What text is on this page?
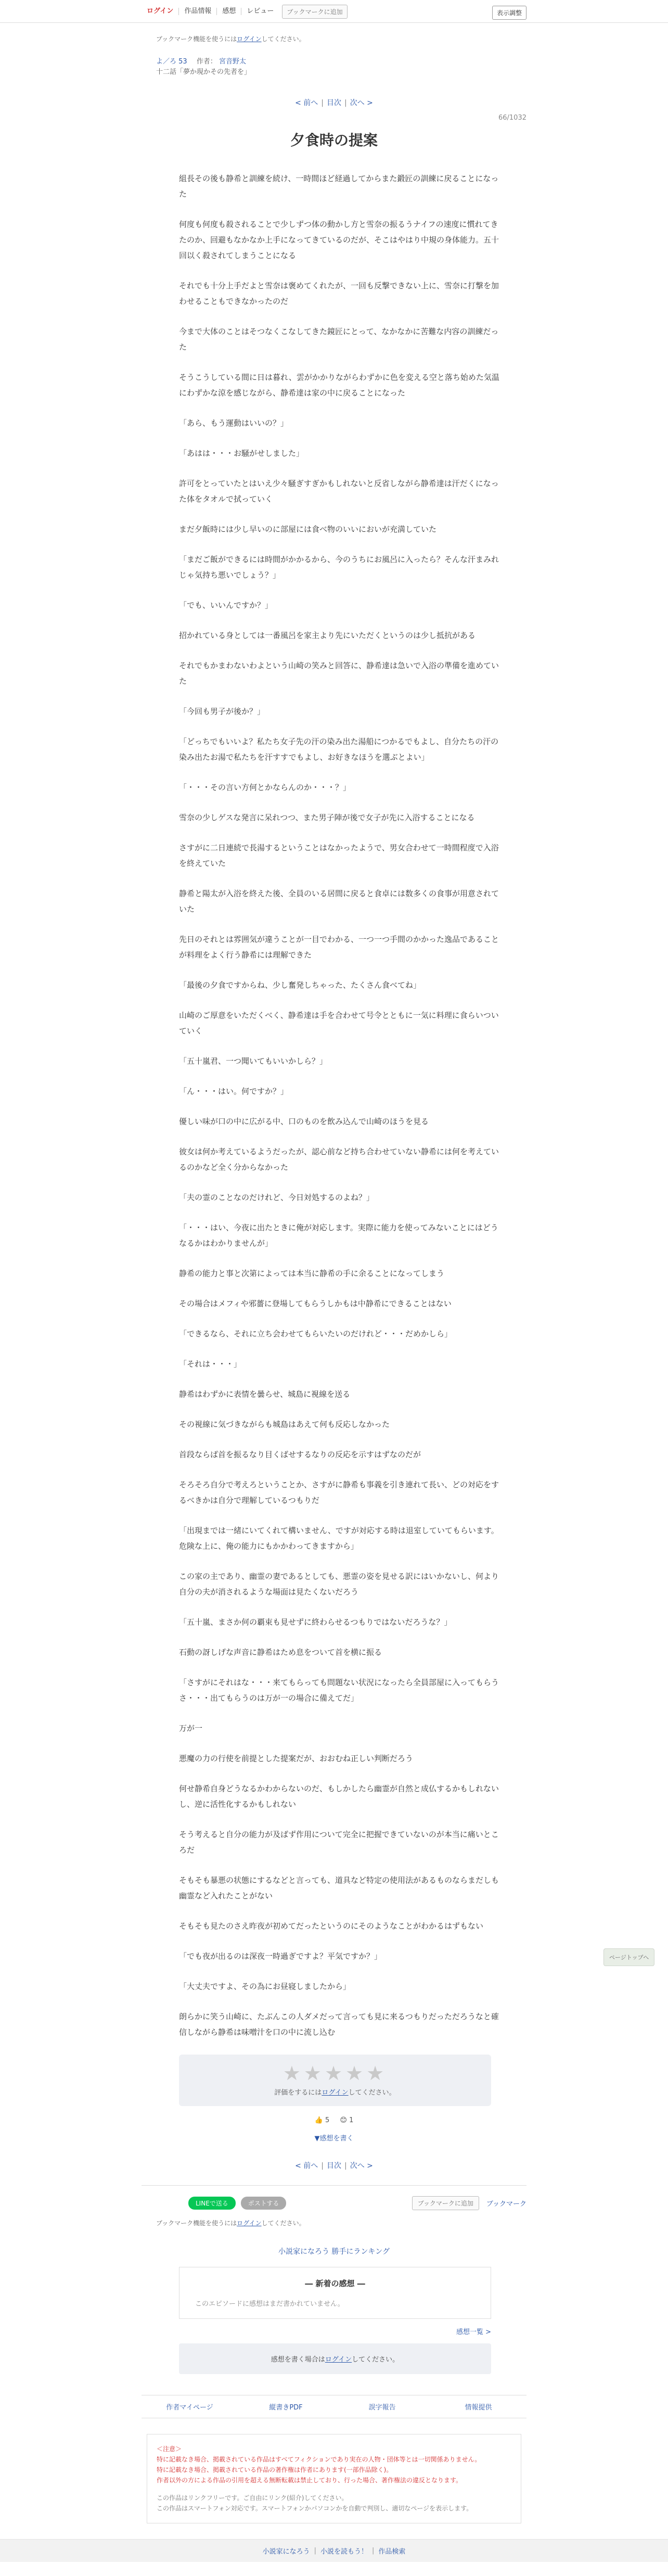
ログイン	作品情報	感想	レビュー	ブックマークに追加	表示調整
ブックマーク機能を使うにはログインしてください。
よ／ろ 53 作者： 宮音野太
十二話「夢か現かその先者を」
< 前へ | 目次 | 次へ >
66/1032
夕食時の提案

組長その後も静希と訓練を続け、一時間ほど経過してからまた鍛匠の訓練に戻ることになった

何度も何度も殺されることで少しずつ体の動かし方と雪奈の振るうナイフの速度に慣れてきたのか、回避もなかなか上手になってきているのだが、そこはやはり中規の身体能力。五十回以く殺されてしまうことになる

それでも十分上手だよと雪奈は褒めてくれたが、一回も反撃できない上に、雪奈に打撃を加わせることもできなかったのだ

今まで大体のことはそつなくこなしてきた鏡匠にとって、なかなかに苦難な内容の訓練だった

そうこうしている間に日は暮れ、雲がかかりながらわずかに色を変える空と落ち始めた気温にわずかな涼を感じながら、静希達は家の中に戻ることになった

「あら、もう運動はいいの？」

「あはは・・・お騒がせしました」

許可をとっていたとはいえ少々騒ぎすぎかもしれないと反省しながら静希達は汗だくになった体をタオルで拭っていく

まだ夕飯時には少し早いのに部屋には食べ物のいいにおいが充満していた

「まだご飯ができるには時間がかかるから、今のうちにお風呂に入ったら？そんな汗まみれじゃ気持ち悪いでしょう？」

「でも、いいんですか？」

招かれている身としては一番風呂を家主より先にいただくというのは少し抵抗がある

それでもかまわないわよという山崎の笑みと回答に、静希達は急いで入浴の準備を進めていた

「今回も男子が後か？」

「どっちでもいいよ？私たち女子先の汗の染み出た湯船につかるでもよし、自分たちの汗の染み出たお湯で私たちを汗すすでもよし、お好きなほうを選ぶとよい」

「・・・その言い方何とかならんのか・・・？」

雪奈の少しゲスな発言に呆れつつ、また男子陣が後で女子が先に入浴することになる

さすがに二日連続で長湯するということはなかったようで、男女合わせて一時間程度で入浴を終えていた

静希と陽太が入浴を終えた後、全員のいる居間に戻ると食卓には数多くの食事が用意されていた

先日のそれとは雰囲気が違うことが一目でわかる、一つ一つ手間のかかった逸品であることが料理をよく行う静希には理解できた

「最後の夕食ですからね、少し奮発しちゃった、たくさん食べてね」

山崎のご厚意をいただくべく、静希達は手を合わせて号令とともに一気に料理に食らいついていく

「五十嵐君、一つ聞いてもいいかしら？」

「ん・・・はい。何ですか？」

優しい味が口の中に広がる中、口のものを飲み込んで山崎のほうを見る

彼女は何か考えているようだったが、認心前など持ち合わせていない静希には何を考えているのかなど全く分からなかった

「夫の霊のことなのだけれど、今日対処するのよね？」

「・・・はい、今夜に出たときに俺が対応します。実際に能力を使ってみないことにはどうなるかはわかりませんが」

静希の能力と事と次第によっては本当に静希の手に余ることになってしまう

その場合はメフィや邪薔に登場してもらうしかもは中静希にできることはない

「できるなら、それに立ち会わせてもらいたいのだけれど・・・だめかしら」

「それは・・・」

静希はわずかに表情を曇らせ、城島に視線を送る

その視線に気づきながらも城島はあえて何も反応しなかった

首段ならば首を振るなり目くばせするなりの反応を示すはずなのだが

そろそろ自分で考えろということか、さすがに静希も事義を引き連れて長い、どの対応をするべきかは自分で理解しているつもりだ

「出現までは一緒にいてくれて構いません、ですが対応する時は退室していてもらいます。危険な上に、俺の能力にもかかわってきますから」

この家の主であり、幽霊の妻であるとしても、悪霊の姿を見せる訳にはいかないし、何より自分の夫が消されるような場面は見たくないだろう

「五十嵐、まさか何の覇束も見せずに終わらせるつもりではないだろうな？」

石動の訝しげな声音に静希はため息をついて首を横に振る

「さすがにそれはな・・・来てもらっても問題ない状況になったら全員部屋に入ってもらうさ・・・出てもらうのは万が一の場合に備えてだ」

万が一

悪魔の力の行使を前提とした提案だが、おおむね正しい判断だろう

何せ静希自身どうなるかわからないのだ、もしかしたら幽霊が自然と成仏するかもしれないし、逆に活性化するかもしれない

そう考えると自分の能力が及ばず作用について完全に把握できていないのが本当に痛いところだ

そもそも暴悪の状態にするなどと言っても、道具など特定の使用法があるものならまだしも幽霊など入れたことがない

そもそも見たのさえ昨夜が初めてだったというのにそのようなことがわかるはずもない

「でも夜が出るのは深夜一時過ぎですよ？平気ですか？」

「大丈夫ですよ、その為にお昼寝しましたから」

朗らかに笑う山崎に、たぶんこの人ダメだって言っても見に来るつもりだっただろうなと確信しながら静希は味噌汁を口の中に流し込む

★★★★★
評価をするにはログインしてください。
👍 5 😊 1
▼感想を書く
< 前へ | 目次 | 次へ >
LINEで送る	ポストする	ブックマークに追加	ブックマーク
ブックマーク機能を使うにはログインしてください。
小説家になろう 勝手にランキング
― 新着の感想 ―
このエピソードに感想はまだ書かれていません。
感想一覧 >
感想を書く場合はログインしてください。
作者マイページ	縦書きPDF	誤字報告	情報提供
＜注意＞
特に記載なき場合、掲載されている作品はすべてフィクションであり実在の人物・団体等とは一切関係ありません。
特に記載なき場合、掲載されている作品の著作権は作者にあります(一部作品除く)。
作者以外の方による作品の引用を超える無断転載は禁止しており、行った場合、著作権法の違反となります。
この作品はリンクフリーです。ご自由にリンク(紹介)してください。
この作品はスマートフォン対応です。スマートフォンかパソコンかを自動で判別し、適切なページを表示します。
小説家になろう | 小説を読もう！ | 作品検索
ページトップへ
